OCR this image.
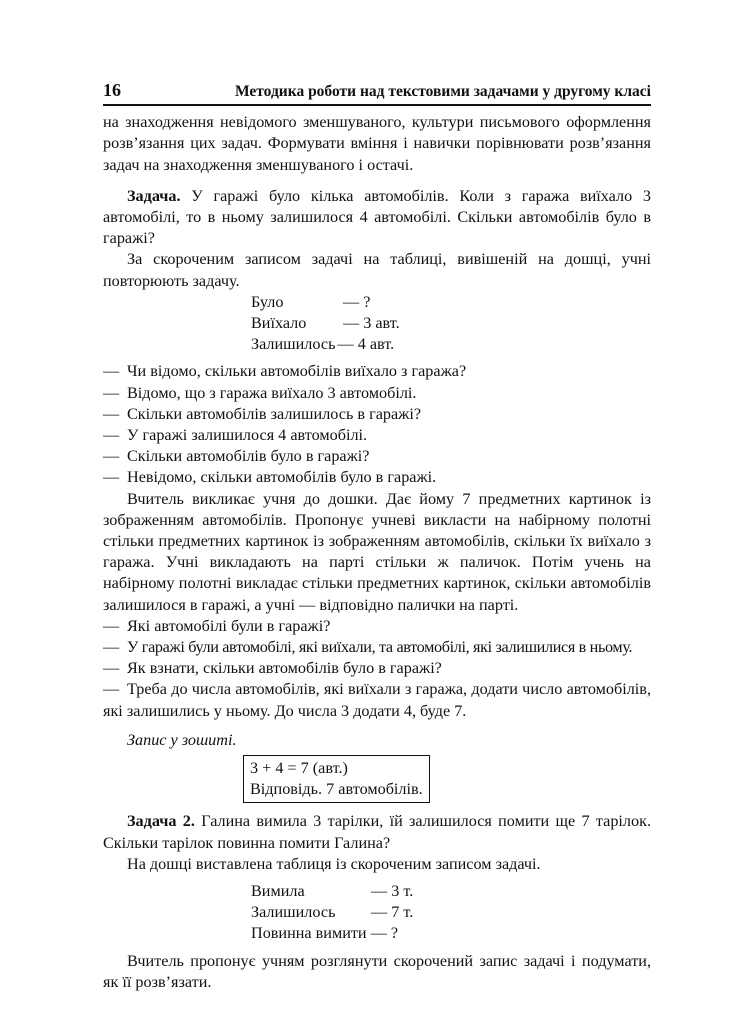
16	Методика роботи над текстовими задачами у другому класі

на знаходження невідомого зменшуваного, культури письмового оформлення розв’язання цих задач. Формувати вміння і навички порівнювати розв’язання задач на знаходження зменшуваного і остачі.

Задача. У гаражі було кілька автомобілів. Коли з гаража виїхало 3 автомобілі, то в ньому залишилося 4 автомобілі. Скільки автомобілів було в гаражі?

За скороченим записом задачі на таблиці, вивішеній на дошці, учні повторюють задачу.

Було	— ?
Виїхало	— 3 авт.
Залишилось — 4 авт.

— Чи відомо, скільки автомобілів виїхало з гаража?

— Відомо, що з гаража виїхало 3 автомобілі.

— Скільки автомобілів залишилось в гаражі?

— У гаражі залишилося 4 автомобілі.

— Скільки автомобілів було в гаражі?

— Невідомо, скільки автомобілів було в гаражі.

Вчитель викликає учня до дошки. Дає йому 7 предметних картинок із зображенням автомобілів. Пропонує учневі викласти на набірному полотні стільки предметних картинок із зображенням автомобілів, скільки їх виїхало з гаража. Учні викладають на парті стільки ж паличок. Потім учень на набірному полотні викладає стільки предметних картинок, скільки автомобілів залишилося в гаражі, а учні — відповідно палички на парті.

— Які автомобілі були в гаражі?

— У гаражі були автомобілі, які виїхали, та автомобілі, які залишилися в ньому.

— Як взнати, скільки автомобілів було в гаражі?

— Треба до числа автомобілів, які виїхали з гаража, додати число автомобілів, які залишились у ньому. До числа 3 додати 4, буде 7.

Запис у зошиті.

3 + 4 = 7 (авт.)
Відповідь. 7 автомобілів.

Задача 2. Галина вимила 3 тарілки, їй залишилося помити ще 7 тарілок. Скільки тарілок повинна помити Галина?

На дошці виставлена таблиця із скороченим записом задачі.

Вимила	— 3 т.
Залишилось	— 7 т.
Повинна вимити — ?

Вчитель пропонує учням розглянути скорочений запис задачі і подумати, як її розв’язати.
